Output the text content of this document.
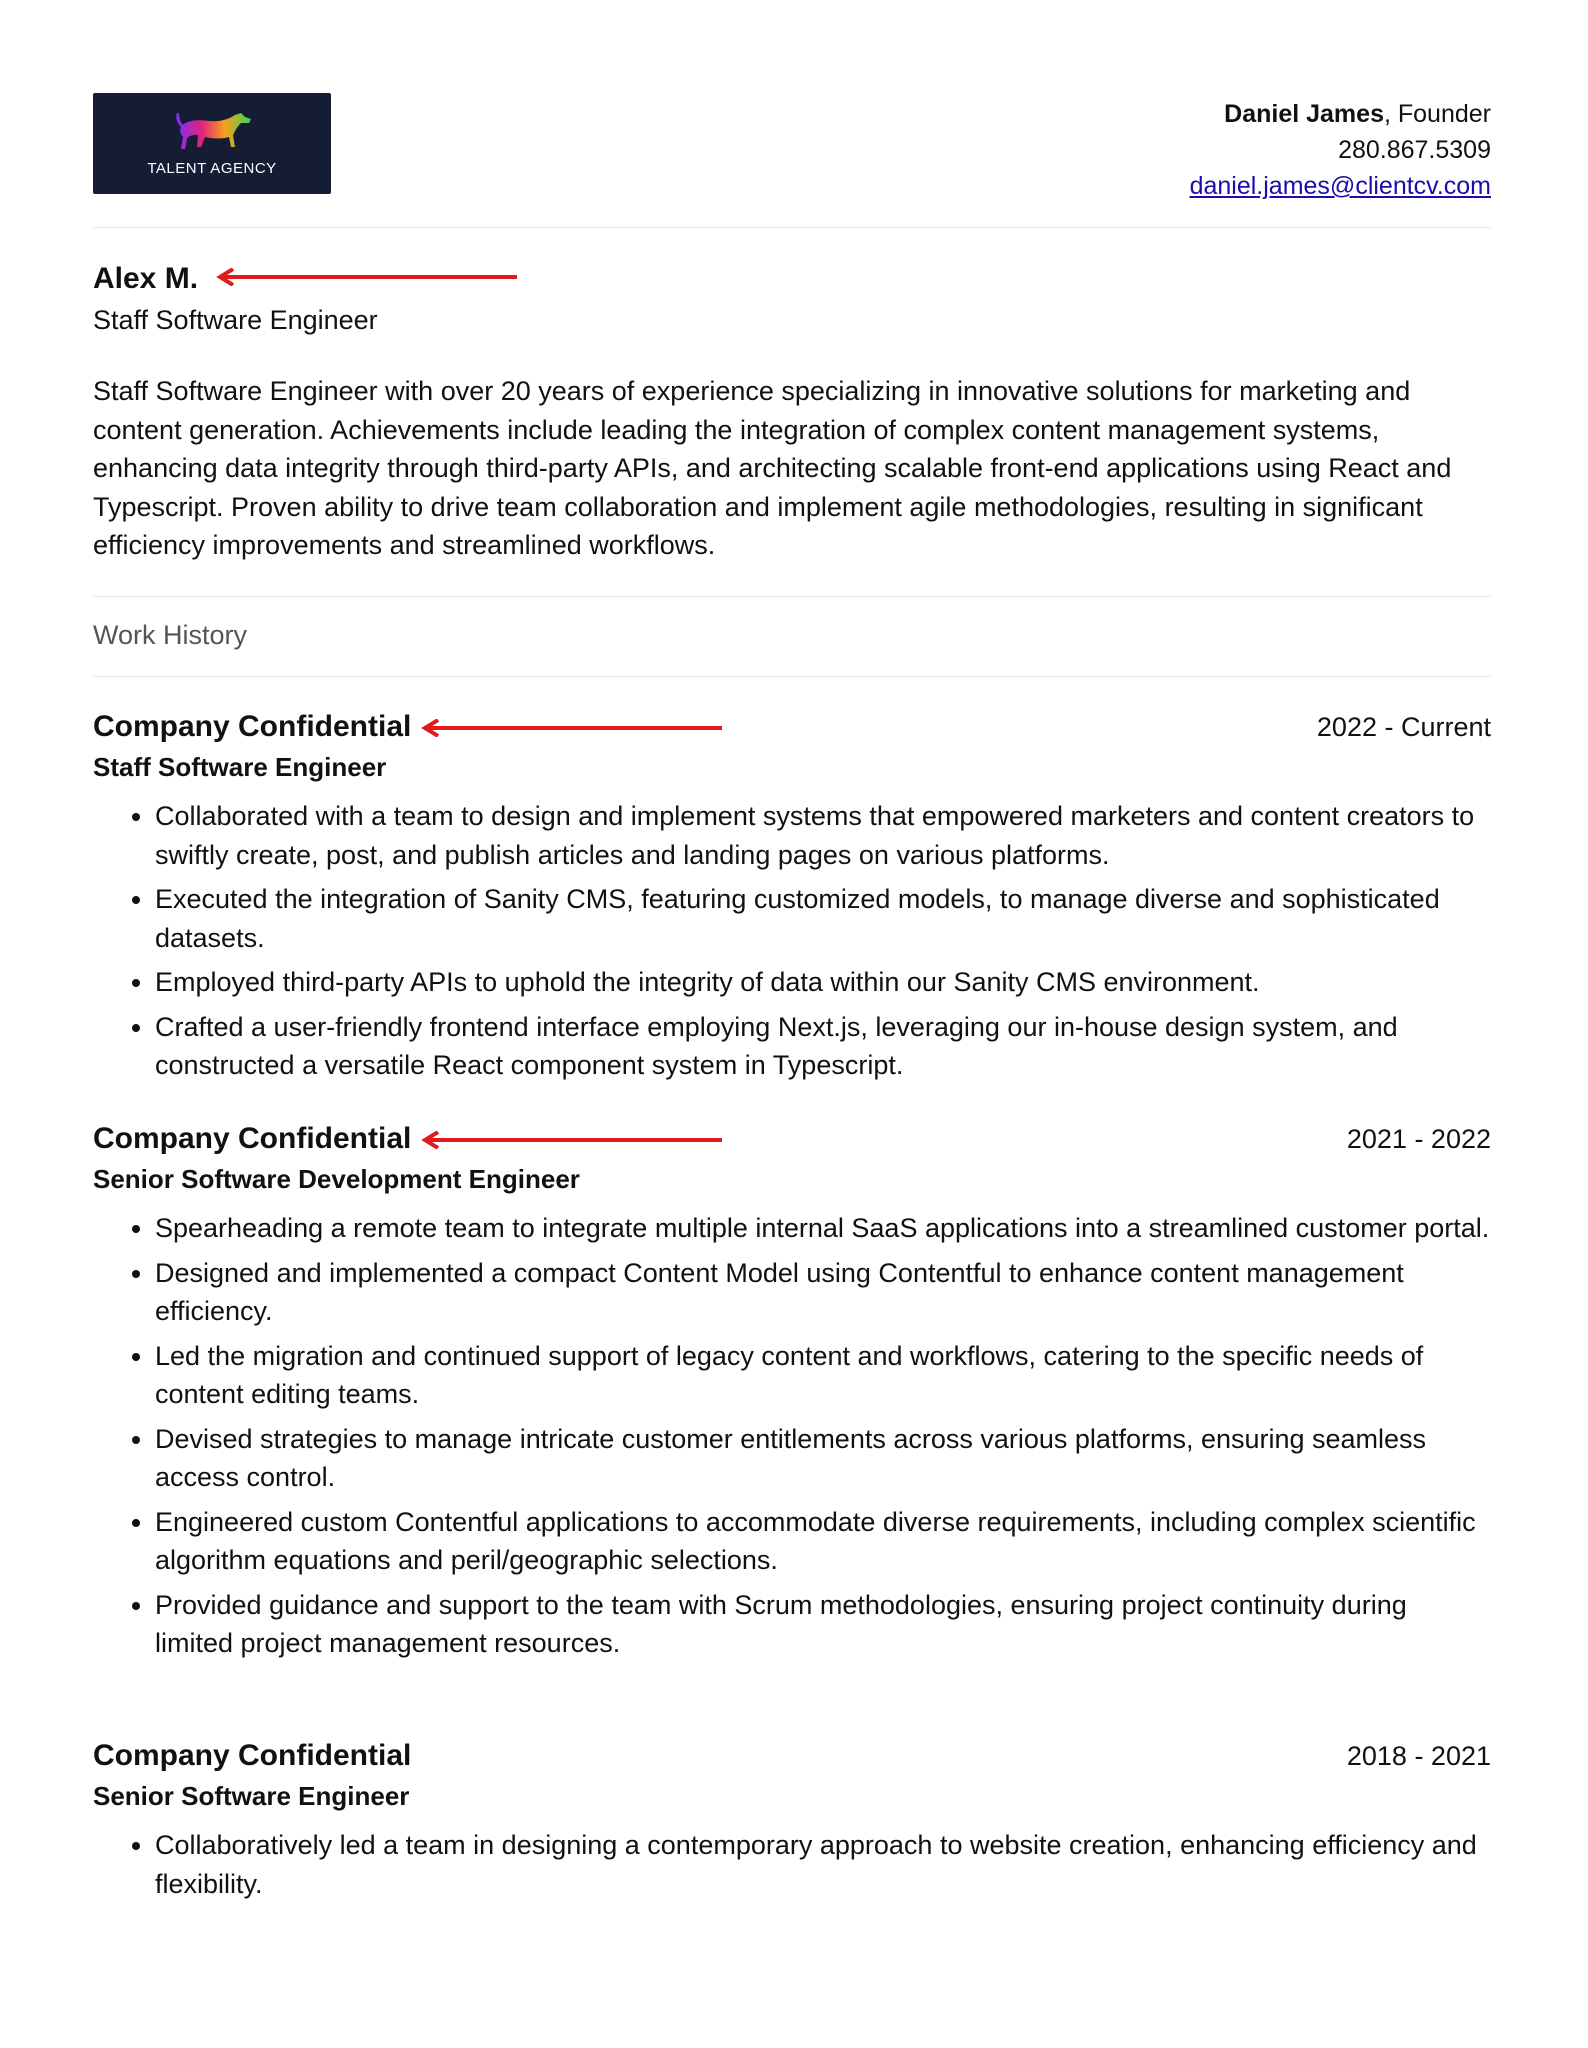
TALENT AGENCY
Daniel James, Founder
280.867.5309
daniel.james@clientcv.com
Alex M.
Staff Software Engineer
Staff Software Engineer with over 20 years of experience specializing in innovative solutions for marketing and content generation. Achievements include leading the integration of complex content management systems, enhancing data integrity through third-party APIs, and architecting scalable front-end applications using React and Typescript. Proven ability to drive team collaboration and implement agile methodologies, resulting in significant efficiency improvements and streamlined workflows.
Work History
Company Confidential	2022 - Current
Staff Software Engineer
• Collaborated with a team to design and implement systems that empowered marketers and content creators to swiftly create, post, and publish articles and landing pages on various platforms.
• Executed the integration of Sanity CMS, featuring customized models, to manage diverse and sophisticated datasets.
• Employed third-party APIs to uphold the integrity of data within our Sanity CMS environment.
• Crafted a user-friendly frontend interface employing Next.js, leveraging our in-house design system, and constructed a versatile React component system in Typescript.
Company Confidential	2021 - 2022
Senior Software Development Engineer
• Spearheading a remote team to integrate multiple internal SaaS applications into a streamlined customer portal.
• Designed and implemented a compact Content Model using Contentful to enhance content management efficiency.
• Led the migration and continued support of legacy content and workflows, catering to the specific needs of content editing teams.
• Devised strategies to manage intricate customer entitlements across various platforms, ensuring seamless access control.
• Engineered custom Contentful applications to accommodate diverse requirements, including complex scientific algorithm equations and peril/geographic selections.
• Provided guidance and support to the team with Scrum methodologies, ensuring project continuity during limited project management resources.
Company Confidential	2018 - 2021
Senior Software Engineer
• Collaboratively led a team in designing a contemporary approach to website creation, enhancing efficiency and flexibility.
